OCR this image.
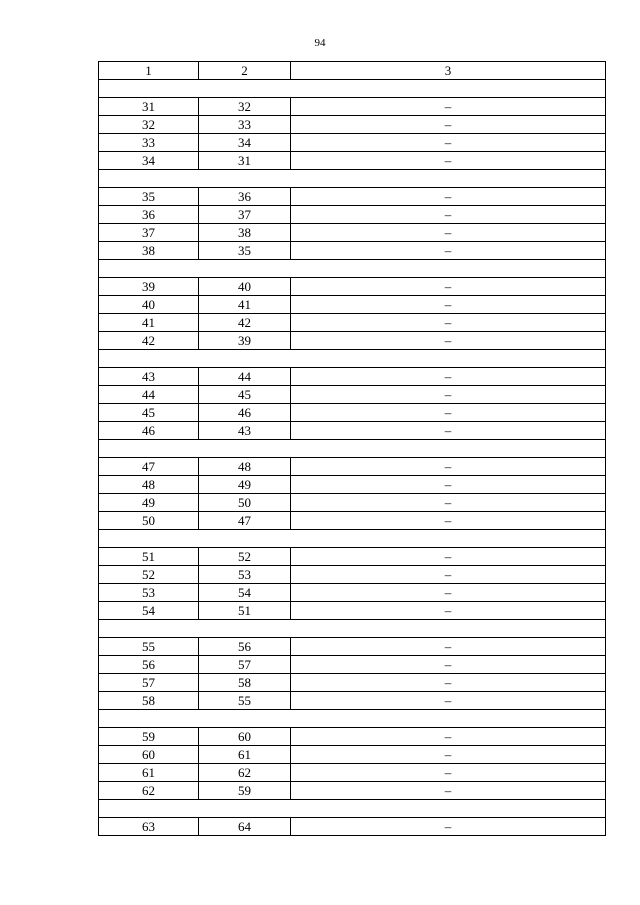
94
1	2	3

31	32	–
32	33	–
33	34	–
34	31	–

35	36	–
36	37	–
37	38	–
38	35	–

39	40	–
40	41	–
41	42	–
42	39	–

43	44	–
44	45	–
45	46	–
46	43	–

47	48	–
48	49	–
49	50	–
50	47	–

51	52	–
52	53	–
53	54	–
54	51	–

55	56	–
56	57	–
57	58	–
58	55	–

59	60	–
60	61	–
61	62	–
62	59	–

63	64	–
